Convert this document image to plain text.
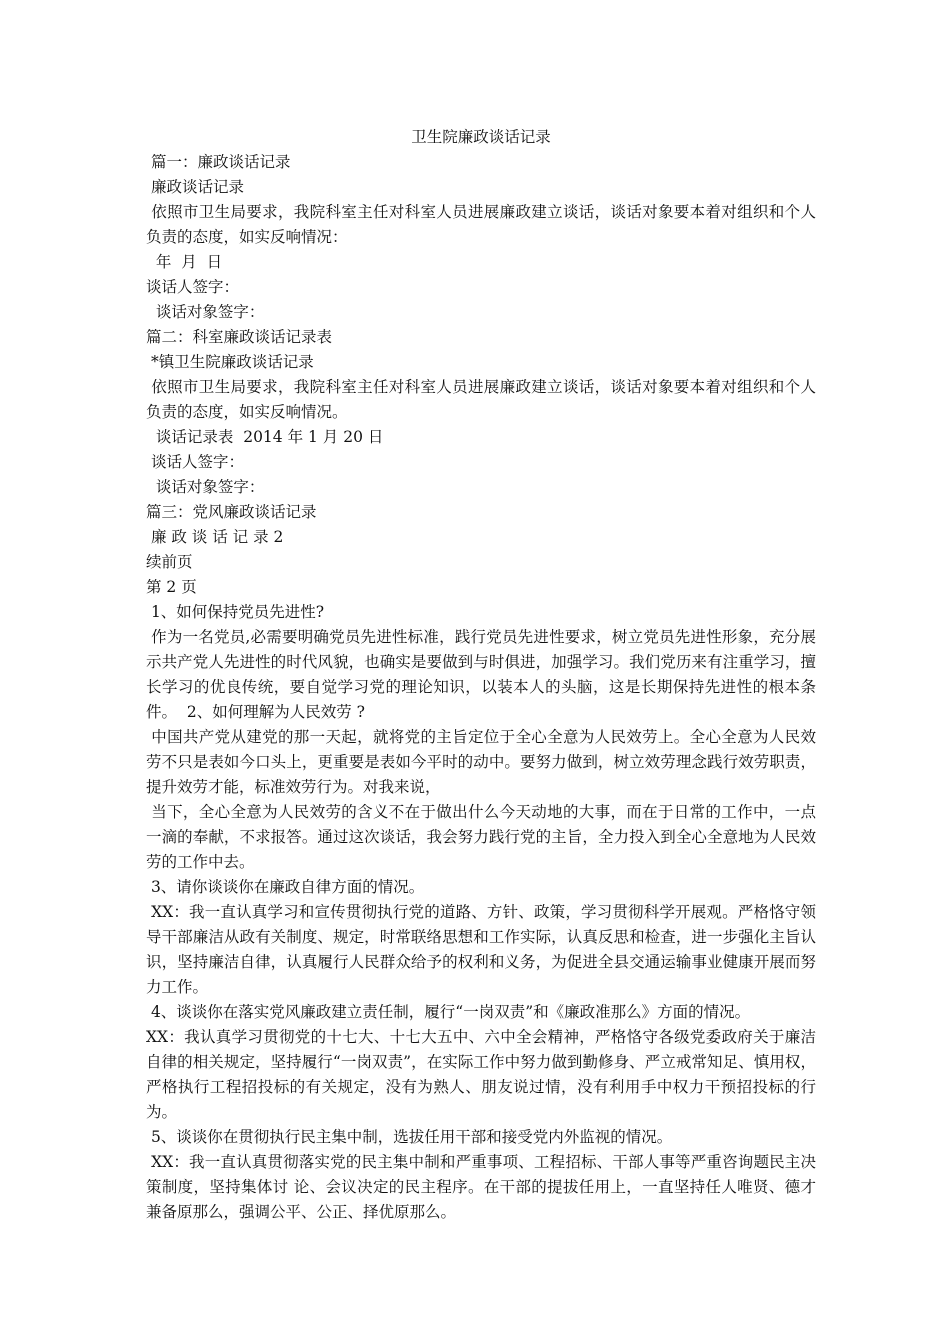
卫生院廉政谈话记录

篇一：廉政谈话记录

廉政谈话记录

依照市卫生局要求，我院科室主任对科室人员进展廉政建立谈话，谈话对象要本着对组织和个人负责的态度，如实反响情况：

年  月  日

谈话人签字：

谈话对象签字：

篇二：科室廉政谈话记录表

*镇卫生院廉政谈话记录

依照市卫生局要求，我院科室主任对科室人员进展廉政建立谈话，谈话对象要本着对组织和个人负责的态度，如实反响情况。

谈话记录表  2014 年 1 月 20 日

谈话人签字：

谈话对象签字：

篇三：党风廉政谈话记录

廉 政 谈 话 记 录 2

续前页

第 2 页

1、如何保持党员先进性?

作为一名党员,必需要明确党员先进性标准，践行党员先进性要求，树立党员先进性形象，充分展示共产党人先进性的时代风貌，也确实是要做到与时俱进，加强学习。我们党历来有注重学习，擅长学习的优良传统，要自觉学习党的理论知识，以装本人的头脑，这是长期保持先进性的根本条件。  2、如何理解为人民效劳 ?

中国共产党从建党的那一天起，就将党的主旨定位于全心全意为人民效劳上。全心全意为人民效劳不只是表如今口头上，更重要是表如今平时的动中。要努力做到，树立效劳理念践行效劳职责，提升效劳才能，标准效劳行为。对我来说，

当下，全心全意为人民效劳的含义不在于做出什么今天动地的大事，而在于日常的工作中，一点一滴的奉献，不求报答。通过这次谈话，我会努力践行党的主旨，全力投入到全心全意地为人民效劳的工作中去。

3、请你谈谈你在廉政自律方面的情况。

XX：我一直认真学习和宣传贯彻执行党的道路、方针、政策，学习贯彻科学开展观。严格恪守领导干部廉洁从政有关制度、规定，时常联络思想和工作实际，认真反思和检查，进一步强化主旨认识，坚持廉洁自律，认真履行人民群众给予的权利和义务，为促进全县交通运输事业健康开展而努力工作。

4、谈谈你在落实党风廉政建立责任制，履行“一岗双责”和《廉政准那么》方面的情况。

XX：我认真学习贯彻党的十七大、十七大五中、六中全会精神，严格恪守各级党委政府关于廉洁自律的相关规定，坚持履行“一岗双责”，在实际工作中努力做到勤修身、严立戒常知足、慎用权，严格执行工程招投标的有关规定，没有为熟人、朋友说过情，没有利用手中权力干预招投标的行为。

5、谈谈你在贯彻执行民主集中制，选拔任用干部和接受党内外监视的情况。

XX：我一直认真贯彻落实党的民主集中制和严重事项、工程招标、干部人事等严重咨询题民主决策制度，坚持集体讨 论、会议决定的民主程序。在干部的提拔任用上，一直坚持任人唯贤、德才兼备原那么，强调公平、公正、择优原那么。
